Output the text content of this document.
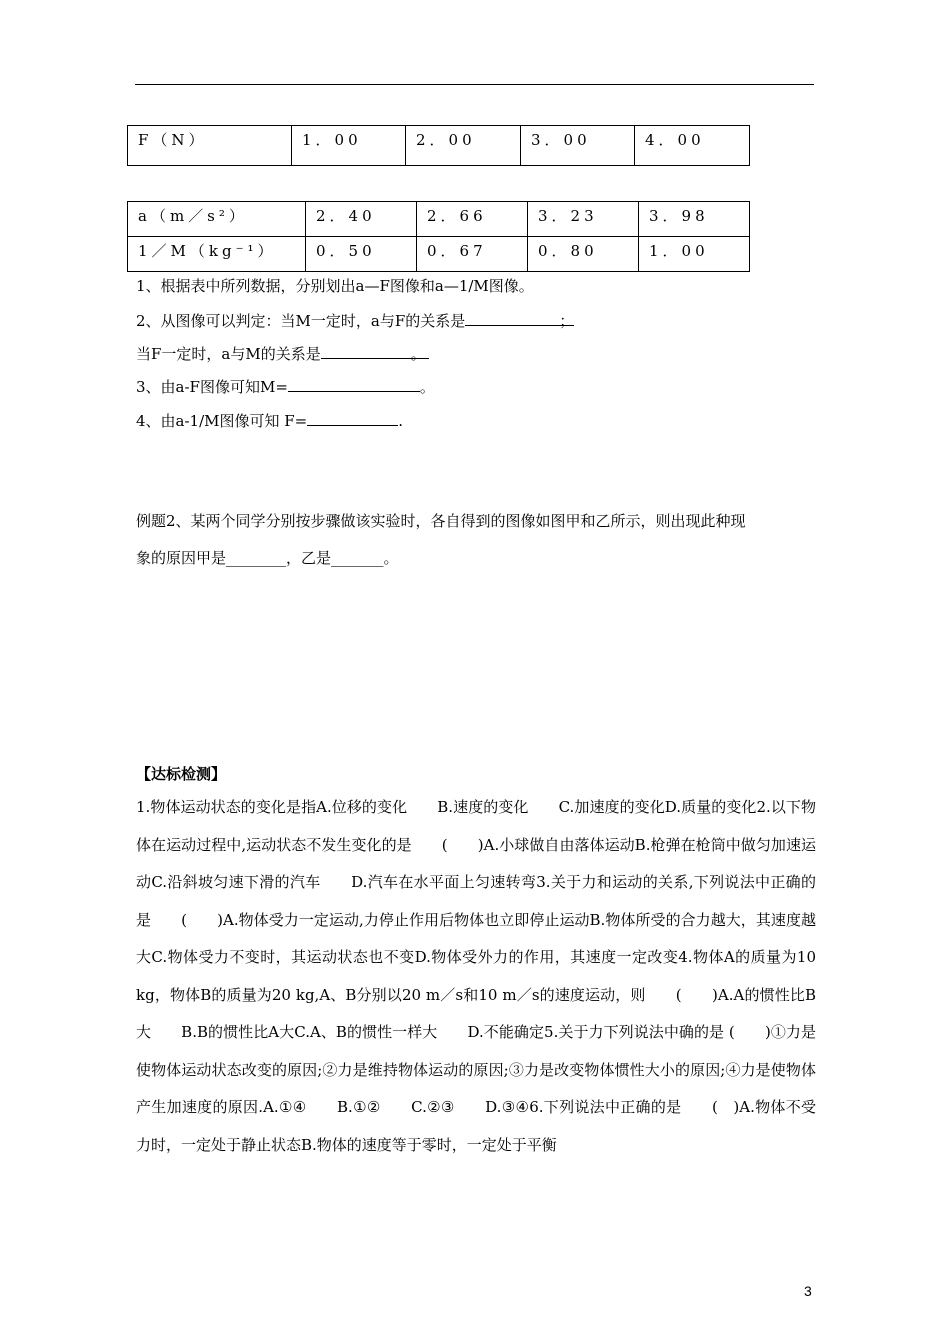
F（N）	1．00	2．00	3．00	4．00
a（m／s²）	2．40	2．66	3．23	3．98
1／M（kg⁻¹）	0．50	0．67	0．80	1．00
1、根据表中所列数据，分别划出a—F图像和a—1/M图像。
2、从图像可以判定：当M一定时，a与F的关系是	；
当F一定时，a与M的关系是	。
3、由a-F图像可知M=	。
4、由a-1/M图像可知 F=	.
例题2、某两个同学分别按步骤做该实验时，各自得到的图像如图甲和乙所示，则出现此种现
象的原因甲是________，乙是_______。
【达标检测】
1.物体运动状态的变化是指A.位移的变化　　B.速度的变化　　C.加速度的变化D.质量的变化2.以下物体在运动过程中,运动状态不发生变化的是　　(　　)A.小球做自由落体运动B.枪弹在枪筒中做匀加速运动C.沿斜坡匀速下滑的汽车　　D.汽车在水平面上匀速转弯3.关于力和运动的关系,下列说法中正确的是　　(　　)A.物体受力一定运动,力停止作用后物体也立即停止运动B.物体所受的合力越大，其速度越大C.物体受力不变时，其运动状态也不变D.物体受外力的作用，其速度一定改变4.物体A的质量为10 kg，物体B的质量为20 kg,A、B分别以20 m／s和10 m／s的速度运动，则　　(　　)A.A的惯性比B大　　B.B的惯性比A大C.A、B的惯性一样大　　D.不能确定5.关于力下列说法中确的是 (　　)①力是使物体运动状态改变的原因;②力是维持物体运动的原因;③力是改变物体惯性大小的原因;④力是使物体产生加速度的原因.A.①④　　B.①②　　C.②③　　D.③④6.下列说法中正确的是　　(　)A.物体不受力时，一定处于静止状态B.物体的速度等于零时，一定处于平衡
3
